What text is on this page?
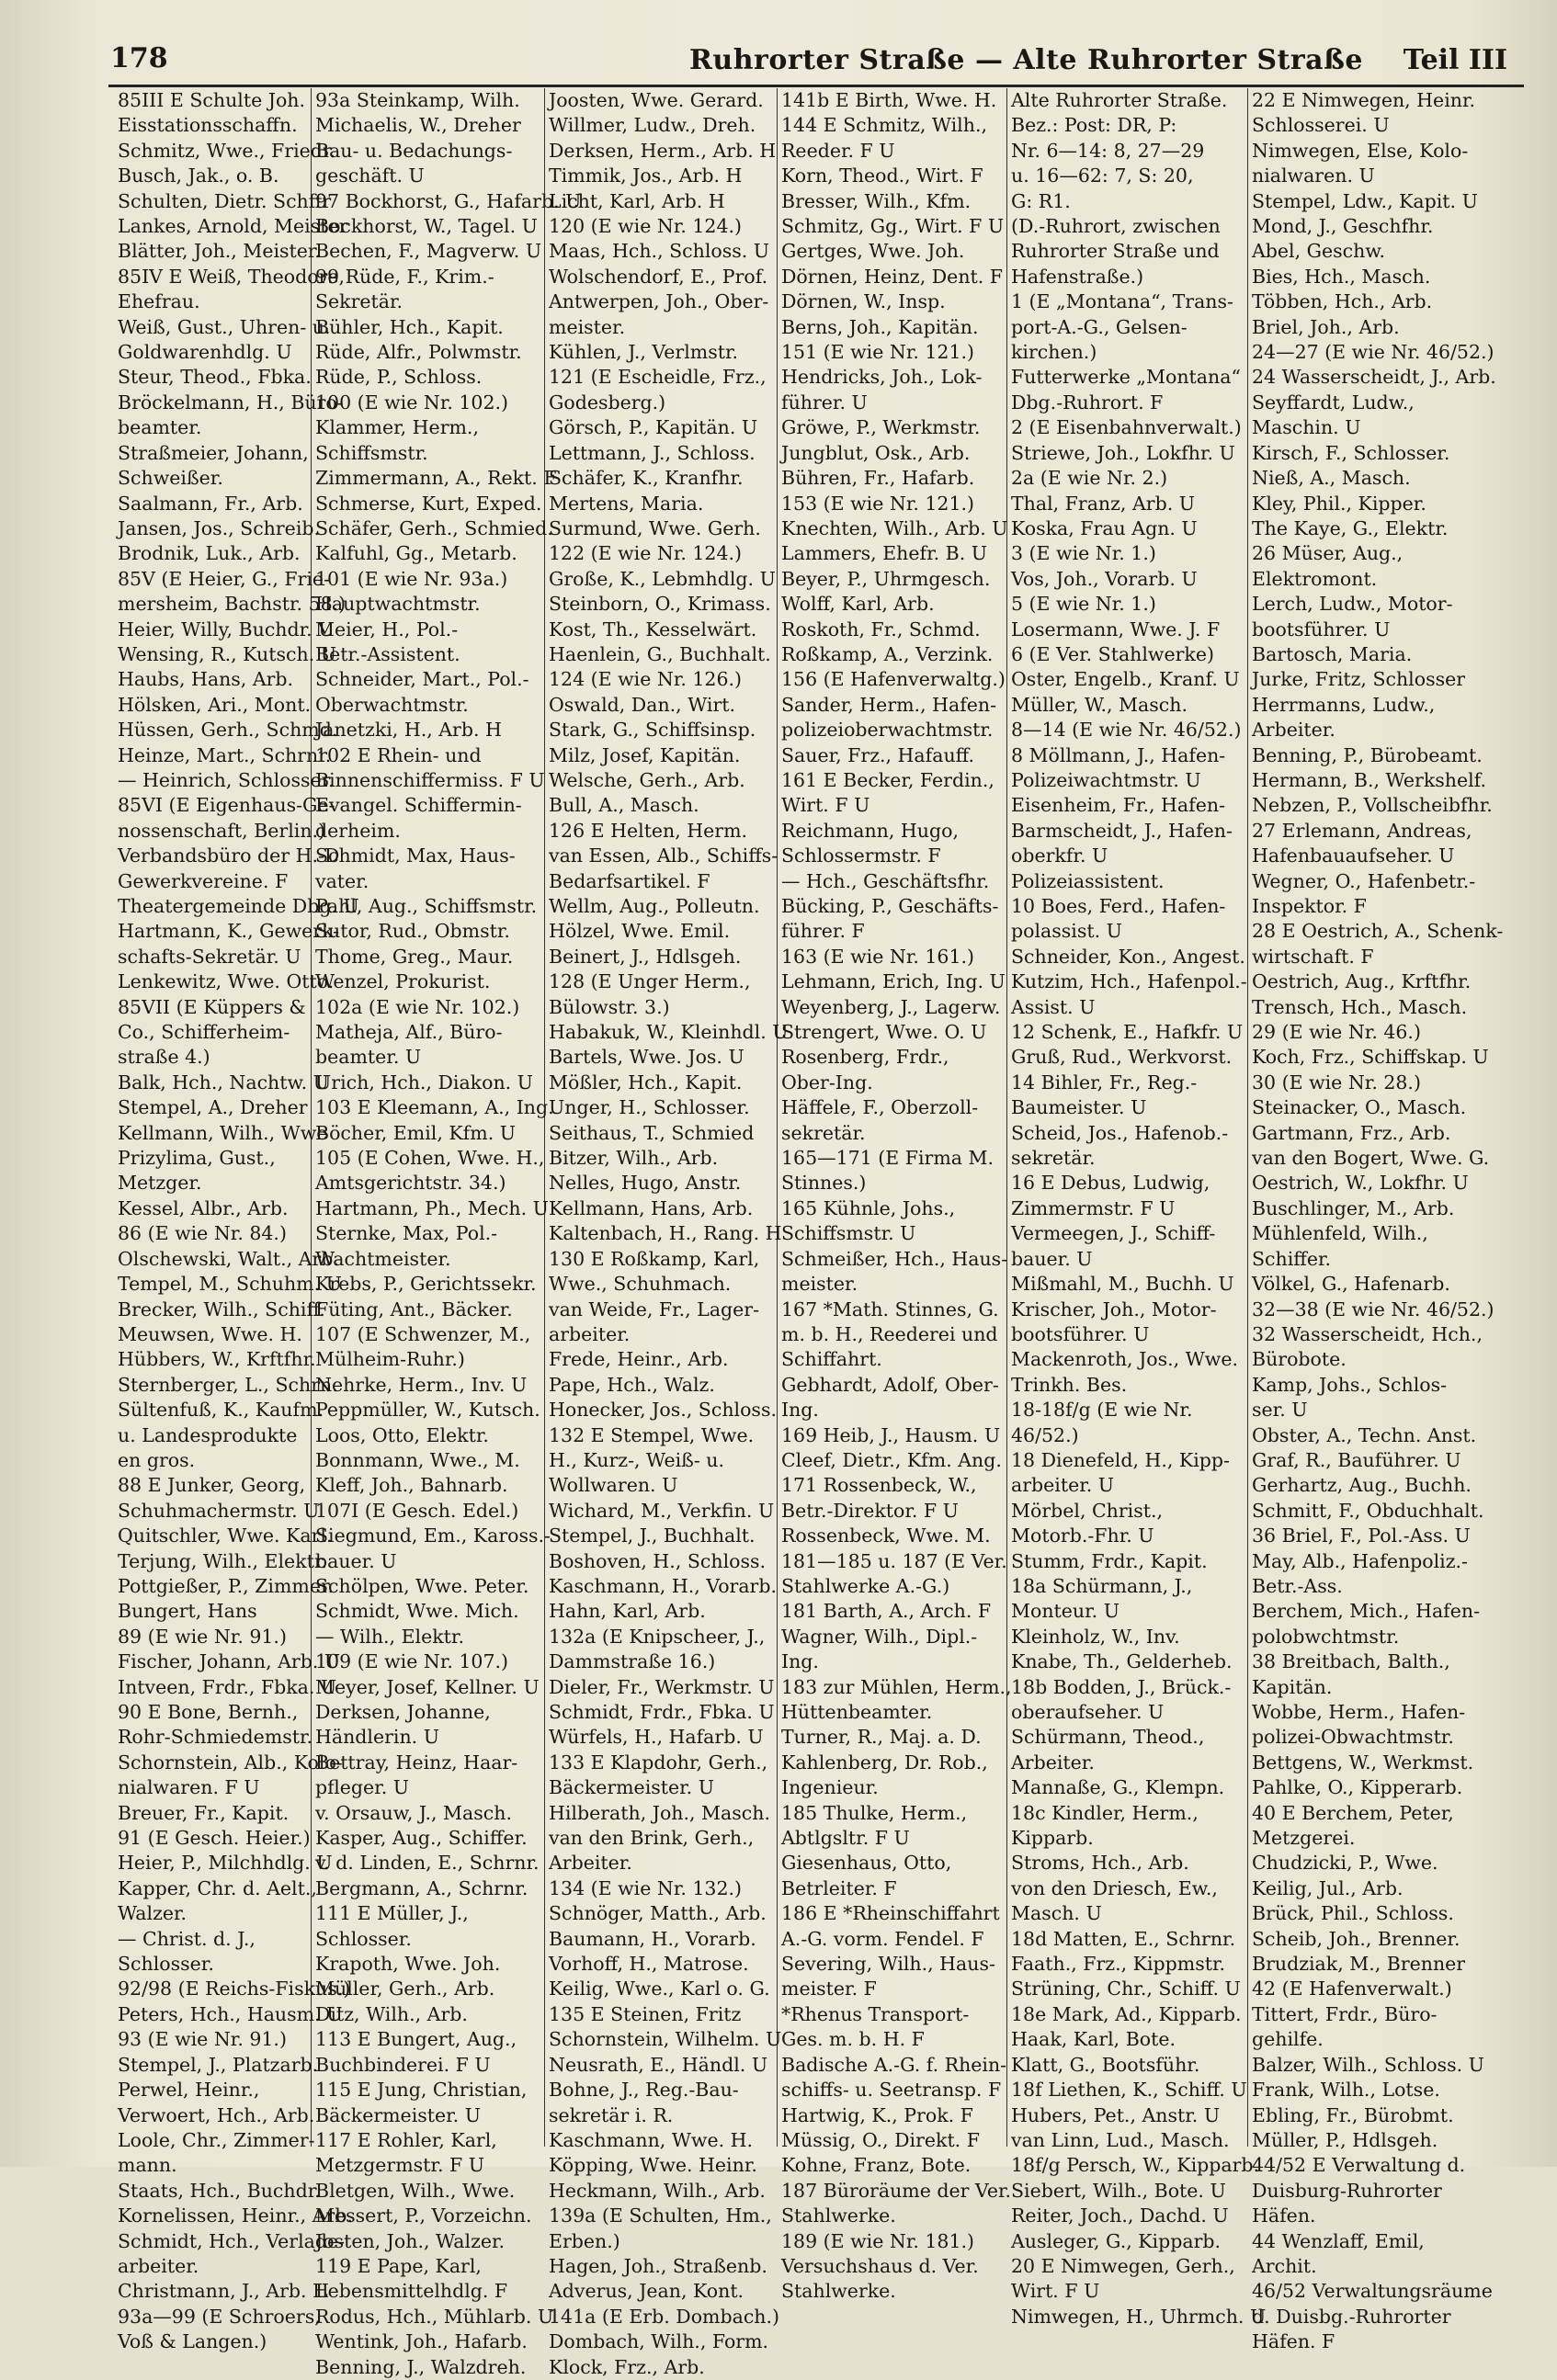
178	Ruhrorter Straße — Alte Ruhrorter Straße Teil III
85III E Schulte Joh.
Eisstationsschaffn.
Schmitz, Wwe., Friedr.
Busch, Jak., o. B.
Schulten, Dietr. Schffr
Lankes, Arnold, Meister
Blätter, Joh., Meister.
85IV E Weiß, Theodore,
Ehefrau.
Weiß, Gust., Uhren- u.
Goldwarenhdlg. U
Steur, Theod., Fbka.
Bröckelmann, H., Büro-
beamter.
Straßmeier, Johann,
Schweißer.
Saalmann, Fr., Arb.
Jansen, Jos., Schreib.
Brodnik, Luk., Arb.
85V (E Heier, G., Frie-
mersheim, Bachstr. 58.)
Heier, Willy, Buchdr. U
Wensing, R., Kutsch. U
Haubs, Hans, Arb.
Hölsken, Ari., Mont.
Hüssen, Gerh., Schmd.
Heinze, Mart., Schrnr.
— Heinrich, Schlosser.
85VI (E Eigenhaus-Ge-
nossenschaft, Berlin.)
Verbandsbüro der H.-D
Gewerkvereine. F
Theatergemeinde Dbg. U
Hartmann, K., Gewerk-
schafts-Sekretär. U
Lenkewitz, Wwe. Otto.
85VII (E Küppers &
Co., Schifferheim-
straße 4.)
Balk, Hch., Nachtw. U
Stempel, A., Dreher
Kellmann, Wilh., Wwe
Prizylima, Gust.,
Metzger.
Kessel, Albr., Arb.
86 (E wie Nr. 84.)
Olschewski, Walt., Arb.
Tempel, M., Schuhm. U
Brecker, Wilh., Schiff.
Meuwsen, Wwe. H.
Hübbers, W., Krftfhr.
Sternberger, L., Schrn.
Sültenfuß, K., Kaufm.
u. Landesprodukte
en gros.
88 E Junker, Georg,
Schuhmachermstr. U
Quitschler, Wwe. Karl.
Terjung, Wilh., Elektr.
Pottgießer, P., Zimmer.
Bungert, Hans
89 (E wie Nr. 91.)
Fischer, Johann, Arb. U
Intveen, Frdr., Fbka. U
90 E Bone, Bernh.,
Rohr-Schmiedemstr.
Schornstein, Alb., Kolo-
nialwaren. F U
Breuer, Fr., Kapit.
91 (E Gesch. Heier.)
Heier, P., Milchhdlg. U
Kapper, Chr. d. Aelt.,
Walzer.
— Christ. d. J.,
Schlosser.
92/98 (E Reichs-Fiskus.)
Peters, Hch., Hausm. U
93 (E wie Nr. 91.)
Stempel, J., Platzarb.
Perwel, Heinr.,
Verwoert, Hch., Arb.
Loole, Chr., Zimmer-
mann.
Staats, Hch., Buchdr.
Kornelissen, Heinr., Arb.
Schmidt, Hch., Verlade-
arbeiter.
Christmann, J., Arb. H
93a—99 (E Schroers,
Voß & Langen.)
93a Steinkamp, Wilh.
Michaelis, W., Dreher
Bau- u. Bedachungs-
geschäft. U
97 Bockhorst, G., Hafarb. U
Bockhorst, W., Tagel. U
Bechen, F., Magverw. U
99 Rüde, F., Krim.-
Sekretär.
Bühler, Hch., Kapit.
Rüde, Alfr., Polwmstr.
Rüde, P., Schloss.
100 (E wie Nr. 102.)
Klammer, Herm.,
Schiffsmstr.
Zimmermann, A., Rekt. F
Schmerse, Kurt, Exped.
Schäfer, Gerh., Schmied.
Kalfuhl, Gg., Metarb.
101 (E wie Nr. 93a.)
Hauptwachtmstr.
Meier, H., Pol.-
Betr.-Assistent.
Schneider, Mart., Pol.-
Oberwachtmstr.
Janetzki, H., Arb. H
102 E Rhein- und
Binnenschiffermiss. F U
Evangel. Schiffermin-
derheim.
Schmidt, Max, Haus-
vater.
Pahl, Aug., Schiffsmstr.
Sutor, Rud., Obmstr.
Thome, Greg., Maur.
Wenzel, Prokurist.
102a (E wie Nr. 102.)
Matheja, Alf., Büro-
beamter. U
Urich, Hch., Diakon. U
103 E Kleemann, A., Ing.
Böcher, Emil, Kfm. U
105 (E Cohen, Wwe. H.,
Amtsgerichtstr. 34.)
Hartmann, Ph., Mech. U
Sternke, Max, Pol.-
Wachtmeister.
Krebs, P., Gerichtssekr.
Füting, Ant., Bäcker.
107 (E Schwenzer, M.,
Mülheim-Ruhr.)
Nehrke, Herm., Inv. U
Peppmüller, W., Kutsch.
Loos, Otto, Elektr.
Bonnmann, Wwe., M.
Kleff, Joh., Bahnarb.
107I (E Gesch. Edel.)
Siegmund, Em., Kaross.-
bauer. U
Schölpen, Wwe. Peter.
Schmidt, Wwe. Mich.
— Wilh., Elektr.
109 (E wie Nr. 107.)
Meyer, Josef, Kellner. U
Derksen, Johanne,
Händlerin. U
Bettray, Heinz, Haar-
pfleger. U
v. Orsauw, J., Masch.
Kasper, Aug., Schiffer.
v. d. Linden, E., Schrnr.
Bergmann, A., Schrnr.
111 E Müller, J.,
Schlosser.
Krapoth, Wwe. Joh.
Müller, Gerh., Arb.
Ditz, Wilh., Arb.
113 E Bungert, Aug.,
Buchbinderei. F U
115 E Jung, Christian,
Bäckermeister. U
117 E Rohler, Karl,
Metzgermstr. F U
Bletgen, Wilh., Wwe.
Messert, P., Vorzeichn.
Josten, Joh., Walzer.
119 E Pape, Karl,
Lebensmittelhdlg. F
Rodus, Hch., Mühlarb. U
Wentink, Joh., Hafarb.
Benning, J., Walzdreh.
Joosten, Wwe. Gerard.
Willmer, Ludw., Dreh.
Derksen, Herm., Arb. H
Timmik, Jos., Arb. H
Licht, Karl, Arb. H
120 (E wie Nr. 124.)
Maas, Hch., Schloss. U
Wolschendorf, E., Prof.
Antwerpen, Joh., Ober-
meister.
Kühlen, J., Verlmstr.
121 (E Escheidle, Frz.,
Godesberg.)
Görsch, P., Kapitän. U
Lettmann, J., Schloss.
Schäfer, K., Kranfhr.
Mertens, Maria.
Surmund, Wwe. Gerh.
122 (E wie Nr. 124.)
Große, K., Lebmhdlg. U
Steinborn, O., Krimass.
Kost, Th., Kesselwärt.
Haenlein, G., Buchhalt.
124 (E wie Nr. 126.)
Oswald, Dan., Wirt.
Stark, G., Schiffsinsp.
Milz, Josef, Kapitän.
Welsche, Gerh., Arb.
Bull, A., Masch.
126 E Helten, Herm.
van Essen, Alb., Schiffs-
Bedarfsartikel. F
Wellm, Aug., Polleutn.
Hölzel, Wwe. Emil.
Beinert, J., Hdlsgeh.
128 (E Unger Herm.,
Bülowstr. 3.)
Habakuk, W., Kleinhdl. U
Bartels, Wwe. Jos. U
Mößler, Hch., Kapit.
Unger, H., Schlosser.
Seithaus, T., Schmied
Bitzer, Wilh., Arb.
Nelles, Hugo, Anstr.
Kellmann, Hans, Arb.
Kaltenbach, H., Rang. H
130 E Roßkamp, Karl,
Wwe., Schuhmach.
van Weide, Fr., Lager-
arbeiter.
Frede, Heinr., Arb.
Pape, Hch., Walz.
Honecker, Jos., Schloss.
132 E Stempel, Wwe.
H., Kurz-, Weiß- u.
Wollwaren. U
Wichard, M., Verkfin. U
Stempel, J., Buchhalt.
Boshoven, H., Schloss.
Kaschmann, H., Vorarb.
Hahn, Karl, Arb.
132a (E Knipscheer, J.,
Dammstraße 16.)
Dieler, Fr., Werkmstr. U
Schmidt, Frdr., Fbka. U
Würfels, H., Hafarb. U
133 E Klapdohr, Gerh.,
Bäckermeister. U
Hilberath, Joh., Masch.
van den Brink, Gerh.,
Arbeiter.
134 (E wie Nr. 132.)
Schnöger, Matth., Arb.
Baumann, H., Vorarb.
Vorhoff, H., Matrose.
Keilig, Wwe., Karl o. G.
135 E Steinen, Fritz
Schornstein, Wilhelm. U
Neusrath, E., Händl. U
Bohne, J., Reg.-Bau-
sekretär i. R.
Kaschmann, Wwe. H.
Köpping, Wwe. Heinr.
Heckmann, Wilh., Arb.
139a (E Schulten, Hm.,
Erben.)
Hagen, Joh., Straßenb.
Adverus, Jean, Kont.
141a (E Erb. Dombach.)
Dombach, Wilh., Form.
Klock, Frz., Arb.
141b E Birth, Wwe. H.
144 E Schmitz, Wilh.,
Reeder. F U
Korn, Theod., Wirt. F
Bresser, Wilh., Kfm.
Schmitz, Gg., Wirt. F U
Gertges, Wwe. Joh.
Dörnen, Heinz, Dent. F
Dörnen, W., Insp.
Berns, Joh., Kapitän.
151 (E wie Nr. 121.)
Hendricks, Joh., Lok-
führer. U
Gröwe, P., Werkmstr.
Jungblut, Osk., Arb.
Bühren, Fr., Hafarb.
153 (E wie Nr. 121.)
Knechten, Wilh., Arb. U
Lammers, Ehefr. B. U
Beyer, P., Uhrmgesch.
Wolff, Karl, Arb.
Roskoth, Fr., Schmd.
Roßkamp, A., Verzink.
156 (E Hafenverwaltg.)
Sander, Herm., Hafen-
polizeioberwachtmstr.
Sauer, Frz., Hafauff.
161 E Becker, Ferdin.,
Wirt. F U
Reichmann, Hugo,
Schlossermstr. F
— Hch., Geschäftsfhr.
Bücking, P., Geschäfts-
führer. F
163 (E wie Nr. 161.)
Lehmann, Erich, Ing. U
Weyenberg, J., Lagerw.
Strengert, Wwe. O. U
Rosenberg, Frdr.,
Ober-Ing.
Häffele, F., Oberzoll-
sekretär.
165—171 (E Firma M.
Stinnes.)
165 Kühnle, Johs.,
Schiffsmstr. U
Schmeißer, Hch., Haus-
meister.
167 *Math. Stinnes, G.
m. b. H., Reederei und
Schiffahrt.
Gebhardt, Adolf, Ober-
Ing.
169 Heib, J., Hausm. U
Cleef, Dietr., Kfm. Ang.
171 Rossenbeck, W.,
Betr.-Direktor. F U
Rossenbeck, Wwe. M.
181—185 u. 187 (E Ver.
Stahlwerke A.-G.)
181 Barth, A., Arch. F
Wagner, Wilh., Dipl.-
Ing.
183 zur Mühlen, Herm.,
Hüttenbeamter.
Turner, R., Maj. a. D.
Kahlenberg, Dr. Rob.,
Ingenieur.
185 Thulke, Herm.,
Abtlgsltr. F U
Giesenhaus, Otto,
Betrleiter. F
186 E *Rheinschiffahrt
A.-G. vorm. Fendel. F
Severing, Wilh., Haus-
meister. F
*Rhenus Transport-
Ges. m. b. H. F
Badische A.-G. f. Rhein-
schiffs- u. Seetransp. F
Hartwig, K., Prok. F
Müssig, O., Direkt. F
Kohne, Franz, Bote.
187 Büroräume der Ver.
Stahlwerke.
189 (E wie Nr. 181.)
Versuchshaus d. Ver.
Stahlwerke.
Alte Ruhrorter Straße.
Bez.: Post: DR, P:
Nr. 6—14: 8, 27—29
u. 16—62: 7, S: 20,
G: R1.
(D.-Ruhrort, zwischen
Ruhrorter Straße und
Hafenstraße.)
1 (E „Montana“, Trans-
port-A.-G., Gelsen-
kirchen.)
Futterwerke „Montana“
Dbg.-Ruhrort. F
2 (E Eisenbahnverwalt.)
Striewe, Joh., Lokfhr. U
2a (E wie Nr. 2.)
Thal, Franz, Arb. U
Koska, Frau Agn. U
3 (E wie Nr. 1.)
Vos, Joh., Vorarb. U
5 (E wie Nr. 1.)
Losermann, Wwe. J. F
6 (E Ver. Stahlwerke)
Oster, Engelb., Kranf. U
Müller, W., Masch.
8—14 (E wie Nr. 46/52.)
8 Möllmann, J., Hafen-
Polizeiwachtmstr. U
Eisenheim, Fr., Hafen-
Barmscheidt, J., Hafen-
oberkfr. U
Polizeiassistent.
10 Boes, Ferd., Hafen-
polassist. U
Schneider, Kon., Angest.
Kutzim, Hch., Hafenpol.-
Assist. U
12 Schenk, E., Hafkfr. U
Gruß, Rud., Werkvorst.
14 Bihler, Fr., Reg.-
Baumeister. U
Scheid, Jos., Hafenob.-
sekretär.
16 E Debus, Ludwig,
Zimmermstr. F U
Vermeegen, J., Schiff-
bauer. U
Mißmahl, M., Buchh. U
Krischer, Joh., Motor-
bootsführer. U
Mackenroth, Jos., Wwe.
Trinkh. Bes.
18-18f/g (E wie Nr.
46/52.)
18 Dienefeld, H., Kipp-
arbeiter. U
Mörbel, Christ.,
Motorb.-Fhr. U
Stumm, Frdr., Kapit.
18a Schürmann, J.,
Monteur. U
Kleinholz, W., Inv.
Knabe, Th., Gelderheb.
18b Bodden, J., Brück.-
oberaufseher. U
Schürmann, Theod.,
Arbeiter.
Mannaße, G., Klempn.
18c Kindler, Herm.,
Kipparb.
Stroms, Hch., Arb.
von den Driesch, Ew.,
Masch. U
18d Matten, E., Schrnr.
Faath., Frz., Kippmstr.
Strüning, Chr., Schiff. U
18e Mark, Ad., Kipparb.
Haak, Karl, Bote.
Klatt, G., Bootsführ.
18f Liethen, K., Schiff. U
Hubers, Pet., Anstr. U
van Linn, Lud., Masch.
18f/g Persch, W., Kipparb.
Siebert, Wilh., Bote. U
Reiter, Joch., Dachd. U
Ausleger, G., Kipparb.
20 E Nimwegen, Gerh.,
Wirt. F U
Nimwegen, H., Uhrmch. U
22 E Nimwegen, Heinr.
Schlosserei. U
Nimwegen, Else, Kolo-
nialwaren. U
Stempel, Ldw., Kapit. U
Mond, J., Geschfhr.
Abel, Geschw.
Bies, Hch., Masch.
Többen, Hch., Arb.
Briel, Joh., Arb.
24—27 (E wie Nr. 46/52.)
24 Wasserscheidt, J., Arb.
Seyffardt, Ludw.,
Maschin. U
Kirsch, F., Schlosser.
Nieß, A., Masch.
Kley, Phil., Kipper.
The Kaye, G., Elektr.
26 Müser, Aug.,
Elektromont.
Lerch, Ludw., Motor-
bootsführer. U
Bartosch, Maria.
Jurke, Fritz, Schlosser
Herrmanns, Ludw.,
Arbeiter.
Benning, P., Bürobeamt.
Hermann, B., Werkshelf.
Nebzen, P., Vollscheibfhr.
27 Erlemann, Andreas,
Hafenbauaufseher. U
Wegner, O., Hafenbetr.-
Inspektor. F
28 E Oestrich, A., Schenk-
wirtschaft. F
Oestrich, Aug., Krftfhr.
Trensch, Hch., Masch.
29 (E wie Nr. 46.)
Koch, Frz., Schiffskap. U
30 (E wie Nr. 28.)
Steinacker, O., Masch.
Gartmann, Frz., Arb.
van den Bogert, Wwe. G.
Oestrich, W., Lokfhr. U
Buschlinger, M., Arb.
Mühlenfeld, Wilh.,
Schiffer.
Völkel, G., Hafenarb.
32—38 (E wie Nr. 46/52.)
32 Wasserscheidt, Hch.,
Bürobote.
Kamp, Johs., Schlos-
ser. U
Obster, A., Techn. Anst.
Graf, R., Bauführer. U
Gerhartz, Aug., Buchh.
Schmitt, F., Obduchhalt.
36 Briel, F., Pol.-Ass. U
May, Alb., Hafenpoliz.-
Betr.-Ass.
Berchem, Mich., Hafen-
polobwchtmstr.
38 Breitbach, Balth.,
Kapitän.
Wobbe, Herm., Hafen-
polizei-Obwachtmstr.
Bettgens, W., Werkmst.
Pahlke, O., Kipperarb.
40 E Berchem, Peter,
Metzgerei.
Chudzicki, P., Wwe.
Keilig, Jul., Arb.
Brück, Phil., Schloss.
Scheib, Joh., Brenner.
Brudziak, M., Brenner
42 (E Hafenverwalt.)
Tittert, Frdr., Büro-
gehilfe.
Balzer, Wilh., Schloss. U
Frank, Wilh., Lotse.
Ebling, Fr., Bürobmt.
Müller, P., Hdlsgeh.
44/52 E Verwaltung d.
Duisburg-Ruhrorter
Häfen.
44 Wenzlaff, Emil,
Archit.
46/52 Verwaltungsräume
d. Duisbg.-Ruhrorter
Häfen. F
